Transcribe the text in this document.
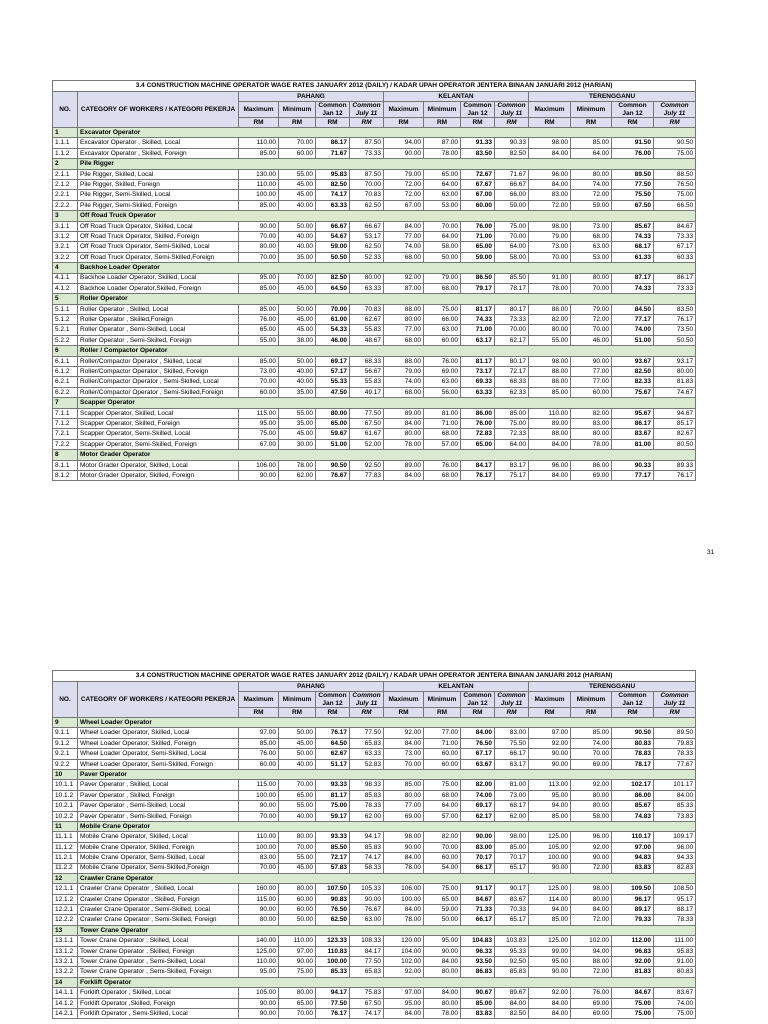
3.4 CONSTRUCTION MACHINE OPERATOR WAGE RATES JANUARY 2012 (DAILY) / KADAR UPAH OPERATOR JENTERA BINAAN JANUARI 2012 (HARIAN)													
NO.	CATEGORY OF WORKERS / KATEGORI PEKERJA	PAHANG				KELANTAN				TERENGGANU			
		Maximum	Minimum	Common Jan 12	Common July 11	Maximum	Minimum	Common Jan 12	Common July 11	Maximum	Minimum	Common Jan 12	Common July 11
		RM	RM	RM	RM	RM	RM	RM	RM	RM	RM	RM	RM
1	Excavator Operator												
1.1.1	Excavator Operator , Skilled, Local	110.00	70.00	86.17	87.50	94.00	87.00	91.33	90.33	98.00	85.00	91.50	90.50
1.1.2	Excavator Operator , Skilled, Foreign	85.00	60.00	71.67	73.33	90.00	78.00	83.50	82.50	84.00	64.00	76.00	75.00
2	Pile Rigger												
2.1.1	Pile Rigger, Skilled, Local	130.00	55.00	95.83	87.50	79.00	65.00	72.67	71.67	96.00	80.00	89.50	88.50
2.1.2	Pile Rigger, Skilled, Foreign	110.00	45.00	82.50	70.00	72.00	64.00	67.67	66.67	84.00	74.00	77.50	76.50
2.2.1	Pile Rigger, Semi-Skilled, Local	100.00	45.00	74.17	70.83	72.00	63.00	67.00	66.00	83.00	72.00	75.50	75.00
2.2.2	Pile Rigger, Semi-Skilled, Foreign	85.00	40.00	63.33	62.50	67.00	53.00	60.00	59.00	72.00	59.00	67.50	66.50
3	Off Road Truck Operator												
3.1.1	Off Road Truck Operator, Skilled, Local	90.00	50.00	66.67	66.67	84.00	70.00	76.00	75.00	98.00	73.00	85.67	84.67
3.1.2	Off Road Truck Operator, Skilled, Foreign	70.00	40.00	54.67	53.17	77.00	64.00	71.00	70.00	79.00	68.00	74.33	73.33
3.2.1	Off Road Truck Operator, Semi-Skilled, Local	80.00	40.00	59.00	62.50	74.00	58.00	65.00	64.00	73.00	63.00	68.17	67.17
3.2.2	Off Road Truck Operator, Semi-Skilled,Foreign	70.00	35.00	50.50	52.33	68.00	50.00	59.00	58.00	70.00	53.00	61.33	60.33
4	Backhoe Loader Operator												
4.1.1	Backhoe Loader Operator, Skilled, Local	95.00	70.00	82.50	80.00	92.00	79.00	86.50	85.50	91.00	80.00	87.17	86.17
4.1.2	Backhoe Loader Operator,Skilled, Foreign	85.00	45.00	64.50	63.33	87.00	68.00	79.17	78.17	78.00	70.00	74.33	73.33
5	Roller Operator												
5.1.1	Roller Operator , Skilled, Local	85.00	50.00	70.00	70.83	88.00	75.00	81.17	80.17	88.00	79.00	84.50	83.50
5.1.2	Roller Operator , Skilled,Foreign	76.00	45.00	61.00	62.67	80.00	66.00	74.33	73.33	82.00	72.00	77.17	76.17
5.2.1	Roller Operator , Semi-Skilled, Local	65.00	45.00	54.33	55.83	77.00	63.00	71.00	70.00	80.00	70.00	74.00	73.50
5.2.2	Roller Operator , Semi-Skilled, Foreign	55.00	38.00	46.00	48.67	68.00	60.00	63.17	62.17	55.00	46.00	51.00	50.50
6	Roller / Compactor Operator												
6.1.1	Roller/Compactor Operator , Skilled, Local	85.00	50.00	69.17	68.33	88.00	76.00	81.17	80.17	98.00	90.00	93.67	93.17
6.1.2	Roller/Compactor Operator , Skilled, Foreign	73.00	40.00	57.17	56.67	79.00	69.00	73.17	72.17	88.00	77.00	82.50	80.00
6.2.1	Roller/Compactor Operator , Semi-Skilled, Local	70.00	40.00	55.33	55.83	74.00	63.00	69.33	68.33	88.00	77.00	82.33	81.83
6.2.2	Roller/Compactor Operator , Semi-Skilled,Foreign	60.00	35.00	47.50	49.17	68.00	56.00	63.33	62.33	85.00	60.00	75.67	74.67
7	Scapper Operator												
7.1.1	Scapper Operator, Skilled, Local	115.00	55.00	80.00	77.50	89.00	81.00	86.00	85.00	110.00	82.00	95.67	94.67
7.1.2	Scapper Operator, Skilled, Foreign	95.00	35.00	65.00	67.50	84.00	71.00	76.00	75.00	89.00	83.00	86.17	85.17
7.2.1	Scapper Operator, Semi-Skilled, Local	75.00	45.00	59.67	61.67	80.00	68.00	72.83	72.33	88.00	80.00	83.67	82.67
7.2.2	Scapper Operator, Semi-Skilled, Foreign	67.00	30.00	51.00	52.00	78.00	57.00	65.00	64.00	84.00	78.00	81.00	80.50
8	Motor Grader Operator												
8.1.1	Motor Grader Operator, Skilled, Local	106.00	78.00	90.50	92.50	89.00	76.00	84.17	83.17	96.00	86.00	90.33	89.33
8.1.2	Motor Grader Operator, Skilled, Foreign	90.00	62.00	76.67	77.83	84.00	68.00	76.17	75.17	84.00	69.00	77.17	76.17
31
3.4 CONSTRUCTION MACHINE OPERATOR WAGE RATES JANUARY 2012 (DAILY) / KADAR UPAH OPERATOR JENTERA BINAAN JANUARI 2012 (HARIAN)													
NO.	CATEGORY OF WORKERS / KATEGORI PEKERJA	PAHANG				KELANTAN				TERENGGANU			
		Maximum	Minimum	Common Jan 12	Common July 11	Maximum	Minimum	Common Jan 12	Common July 11	Maximum	Minimum	Common Jan 12	Common July 11
		RM	RM	RM	RM	RM	RM	RM	RM	RM	RM	RM	RM
9	Wheel Loader Operator												
9.1.1	Wheel Loader Operator, Skilled, Local	97.00	50.00	76.17	77.50	92.00	77.00	84.00	83.00	97.00	85.00	90.50	89.50
9.1.2	Wheel Loader Operator, Skilled, Foreign	85.00	45.00	64.50	65.83	84.00	71.00	76.50	75.50	92.00	74.00	80.83	79.83
9.2.1	Wheel Loader Operator, Semi-Skilled, Local	76.00	50.00	62.67	63.33	73.00	60.00	67.17	66.17	90.00	70.00	78.83	78.33
9.2.2	Wheel Loader Operator, Semi-Skilled, Foreign	60.00	40.00	51.17	52.83	70.00	60.00	63.67	63.17	90.00	69.00	78.17	77.67
10	Paver Operator												
10.1.1	Paver Operator , Skilled, Local	115.00	70.00	93.33	98.33	85.00	75.00	82.00	81.00	113.00	92.00	102.17	101.17
10.1.2	Paver Operator , Skilled, Foreign	100.00	65.00	81.17	85.83	80.00	68.00	74.00	73.00	95.00	80.00	86.00	84.00
10.2.1	Paver Operator , Semi-Skilled, Local	90.00	55.00	75.00	78.33	77.00	64.00	69.17	68.17	94.00	80.00	85.67	85.33
10.2.2	Paver Operator , Semi-Skilled, Foreign	70.00	40.00	59.17	62.00	69.00	57.00	62.17	62.00	85.00	58.00	74.83	73.83
11	Mobile Crane Operator												
11.1.1	Mobile Crane Operator, Skilled, Local	110.00	80.00	93.33	94.17	98.00	82.00	90.00	98.00	125.00	96.00	110.17	109.17
11.1.2	Mobile Crane Operator, Skilled, Foreign	100.00	70.00	85.50	85.83	90.00	70.00	83.00	85.00	105.00	92.00	97.00	96.00
11.2.1	Mobile Crane Operator, Semi-Skilled, Local	83.00	55.00	72.17	74.17	84.00	60.00	70.17	70.17	100.00	90.00	94.83	94.33
11.2.2	Mobile Crane Operator, Semi-Skilled,Foreign	70.00	45.00	57.83	58.33	78.00	54.00	66.17	65.17	90.00	72.00	83.83	82.83
12	Crawler Crane Operator												
12.1.1	Crawler Crane Operator , Skilled, Local	160.00	80.00	107.50	105.33	106.00	75.00	91.17	90.17	125.00	98.00	109.50	108.50
12.1.2	Crawler Crane Operator , Skilled, Foreign	115.00	60.00	90.83	90.00	100.00	65.00	84.67	83.67	114.00	80.00	96.17	95.17
12.2.1	Crawler Crane Operator , Semi-Skilled, Local	90.00	60.00	76.50	76.67	84.00	59.00	71.33	70.33	94.00	84.00	89.17	88.17
12.2.2	Crawler Crane Operator , Semi-Skilled, Foreign	80.00	50.00	62.50	63.00	78.00	50.00	66.17	65.17	85.00	72.00	79.33	78.33
13	Tower Crane Operator												
13.1.1	Tower Crane Operator , Skilled, Local	140.00	110.00	123.33	108.33	120.00	95.00	104.83	103.83	125.00	102.00	112.00	111.00
13.1.2	Tower Crane Operator , Skilled, Foreign	125.00	97.00	110.83	84.17	104.00	90.00	96.33	95.33	99.00	94.00	96.83	95.83
13.2.1	Tower Crane Operator , Semi-Skilled, Local	110.00	90.00	100.00	77.50	102.00	84.00	93.50	92.50	95.00	88.00	92.00	91.00
13.2.2	Tower Crane Operator , Semi-Skilled, Foreign	95.00	75.00	85.33	65.83	92.00	80.00	86.83	85.83	90.00	72.00	81.83	80.83
14	Forklift Operator												
14.1.1	Forklift Operator , Skilled, Local	105.00	80.00	94.17	75.83	97.00	84.00	90.67	89.67	92.00	76.00	84.67	83.67
14.1.2	Forklift Operator ,Skilled, Foreign	90.00	65.00	77.50	67.50	95.00	80.00	85.00	84.00	84.00	69.00	75.00	74.00
14.2.1	Forklift Operator , Semi-Skilled, Local	90.00	70.00	76.17	74.17	84.00	78.00	83.83	82.50	84.00	69.00	75.00	75.00
